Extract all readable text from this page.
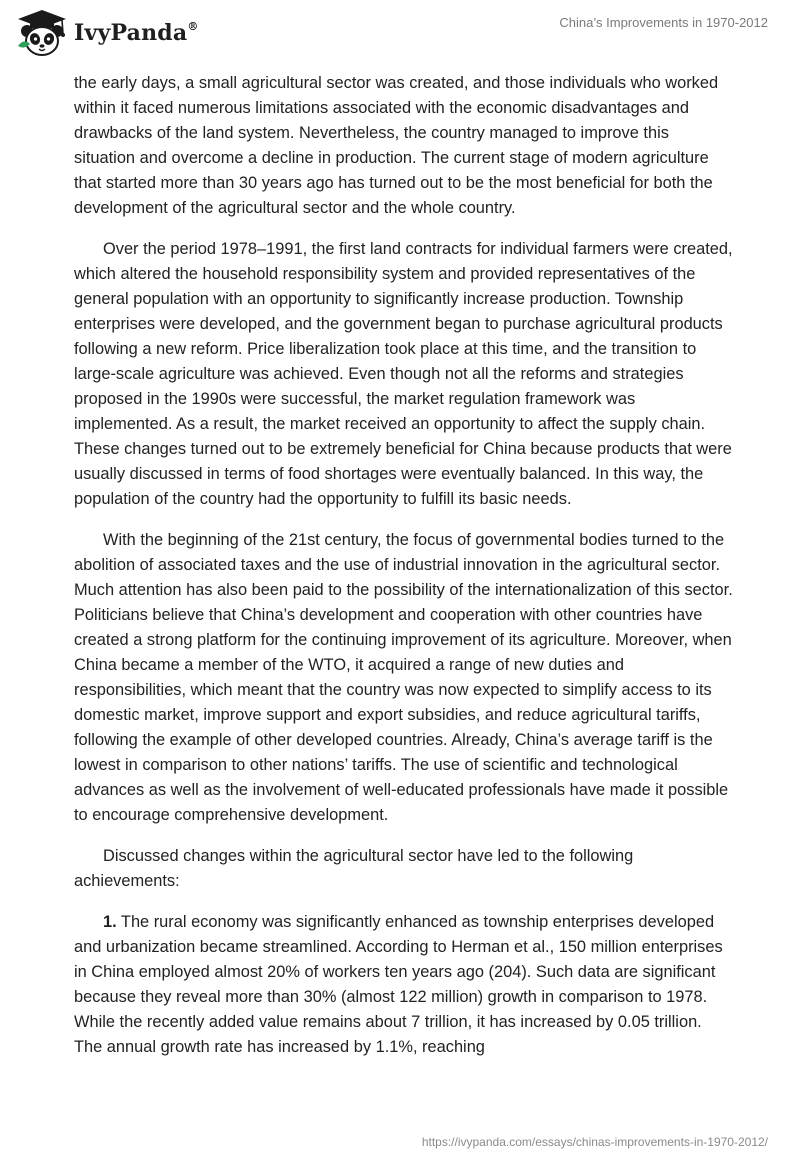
IvyPanda®	China’s Improvements in 1970-2012

the early days, a small agricultural sector was created, and those individuals who worked within it faced numerous limitations associated with the economic disadvantages and drawbacks of the land system. Nevertheless, the country managed to improve this situation and overcome a decline in production. The current stage of modern agriculture that started more than 30 years ago has turned out to be the most beneficial for both the development of the agricultural sector and the whole country.

Over the period 1978–1991, the first land contracts for individual farmers were created, which altered the household responsibility system and provided representatives of the general population with an opportunity to significantly increase production. Township enterprises were developed, and the government began to purchase agricultural products following a new reform. Price liberalization took place at this time, and the transition to large-scale agriculture was achieved. Even though not all the reforms and strategies proposed in the 1990s were successful, the market regulation framework was implemented. As a result, the market received an opportunity to affect the supply chain. These changes turned out to be extremely beneficial for China because products that were usually discussed in terms of food shortages were eventually balanced. In this way, the population of the country had the opportunity to fulfill its basic needs.

With the beginning of the 21st century, the focus of governmental bodies turned to the abolition of associated taxes and the use of industrial innovation in the agricultural sector. Much attention has also been paid to the possibility of the internationalization of this sector. Politicians believe that China’s development and cooperation with other countries have created a strong platform for the continuing improvement of its agriculture. Moreover, when China became a member of the WTO, it acquired a range of new duties and responsibilities, which meant that the country was now expected to simplify access to its domestic market, improve support and export subsidies, and reduce agricultural tariffs, following the example of other developed countries. Already, China’s average tariff is the lowest in comparison to other nations’ tariffs. The use of scientific and technological advances as well as the involvement of well-educated professionals have made it possible to encourage comprehensive development.

Discussed changes within the agricultural sector have led to the following achievements:

1. The rural economy was significantly enhanced as township enterprises developed and urbanization became streamlined. According to Herman et al., 150 million enterprises in China employed almost 20% of workers ten years ago (204). Such data are significant because they reveal more than 30% (almost 122 million) growth in comparison to 1978. While the recently added value remains about 7 trillion, it has increased by 0.05 trillion. The annual growth rate has increased by 1.1%, reaching

https://ivypanda.com/essays/chinas-improvements-in-1970-2012/
